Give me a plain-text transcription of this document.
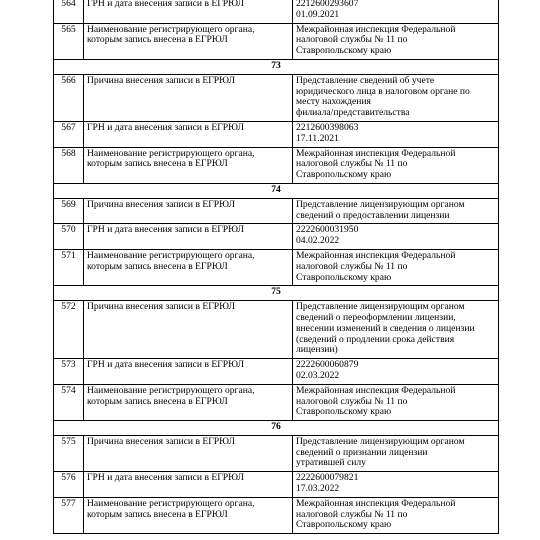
564	ГРН и дата внесения записи в ЕГРЮЛ	2212600293607
01.09.2021

565	Наименование регистрирующего органа,
которым запись внесена в ЕГРЮЛ	Межрайонная инспекция Федеральной
налоговой службы № 11 по
Ставропольскому краю

73		
566	Причина внесения записи в ЕГРЮЛ	Представление сведений об учете
юридического лица в налоговом органе по
месту нахождения
филиала/представительства

567	ГРН и дата внесения записи в ЕГРЮЛ	2212600398063
17.11.2021

568	Наименование регистрирующего органа,
которым запись внесена в ЕГРЮЛ	Межрайонная инспекция Федеральной
налоговой службы № 11 по
Ставропольскому краю

74		
569	Причина внесения записи в ЕГРЮЛ	Представление лицензирующим органом
сведений о предоставлении лицензии

570	ГРН и дата внесения записи в ЕГРЮЛ	2222600031950
04.02.2022

571	Наименование регистрирующего органа,
которым запись внесена в ЕГРЮЛ	Межрайонная инспекция Федеральной
налоговой службы № 11 по
Ставропольскому краю

75		
572	Причина внесения записи в ЕГРЮЛ	Представление лицензирующим органом
сведений о переоформлении лицензии,
внесении изменений в сведения о лицензии
(сведений о продлении срока действия
лицензии)

573	ГРН и дата внесения записи в ЕГРЮЛ	2222600060879
02.03.2022

574	Наименование регистрирующего органа,
которым запись внесена в ЕГРЮЛ	Межрайонная инспекция Федеральной
налоговой службы № 11 по
Ставропольскому краю

76		
575	Причина внесения записи в ЕГРЮЛ	Представление лицензирующим органом
сведений о признании лицензии
утратившей силу

576	ГРН и дата внесения записи в ЕГРЮЛ	2222600079821
17.03.2022

577	Наименование регистрирующего органа,
которым запись внесена в ЕГРЮЛ	Межрайонная инспекция Федеральной
налоговой службы № 11 по
Ставропольскому краю
